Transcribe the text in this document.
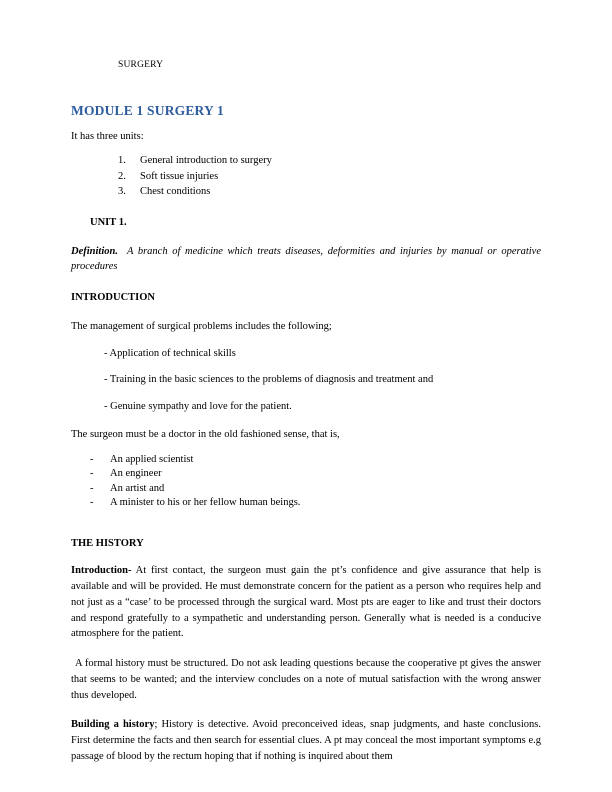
SURGERY
MODULE 1 SURGERY 1

It has three units:

1. General introduction to surgery
2. Soft tissue injuries
3. Chest conditions
UNIT 1.

Definition. A branch of medicine which treats diseases, deformities and injuries by manual or operative procedures

INTRODUCTION

The management of surgical problems includes the following;

- Application of technical skills

- Training in the basic sciences to the problems of diagnosis and treatment and

- Genuine sympathy and love for the patient.

The surgeon must be a doctor in the old fashioned sense, that is,

- An applied scientist
- An engineer
- An artist and
- A minister to his or her fellow human beings.
THE HISTORY

Introduction- At first contact, the surgeon must gain the pt’s confidence and give assurance that help is available and will be provided. He must demonstrate concern for the patient as a person who requires help and not just as a “case’ to be processed through the surgical ward. Most pts are eager to like and trust their doctors and respond gratefully to a sympathetic and understanding person. Generally what is needed is a conducive atmosphere for the patient.

A formal history must be structured. Do not ask leading questions because the cooperative pt gives the answer that seems to be wanted; and the interview concludes on a note of mutual satisfaction with the wrong answer thus developed.

Building a history; History is detective. Avoid preconceived ideas, snap judgments, and haste conclusions. First determine the facts and then search for essential clues. A pt may conceal the most important symptoms e.g passage of blood by the rectum hoping that if nothing is inquired about them
